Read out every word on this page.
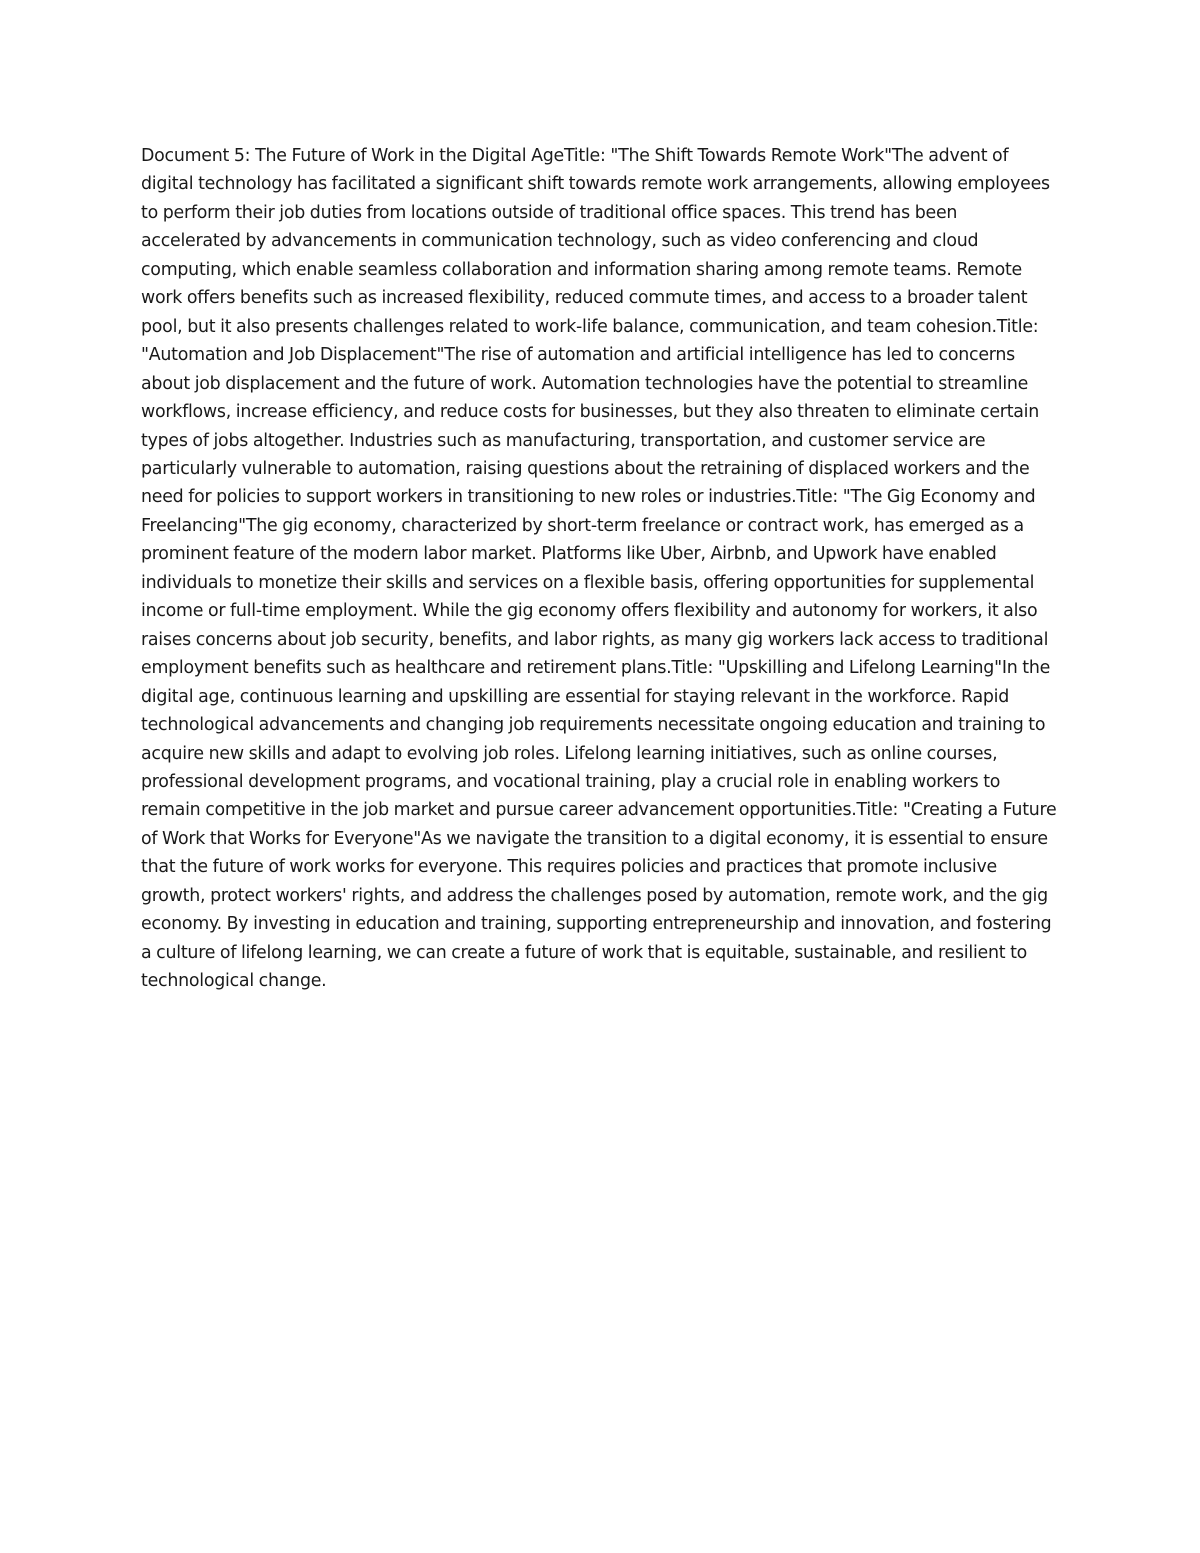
Document 5: The Future of Work in the Digital AgeTitle: "The Shift Towards Remote Work"The advent of digital technology has facilitated a significant shift towards remote work arrangements, allowing employees to perform their job duties from locations outside of traditional office spaces. This trend has been accelerated by advancements in communication technology, such as video conferencing and cloud computing, which enable seamless collaboration and information sharing among remote teams. Remote work offers benefits such as increased flexibility, reduced commute times, and access to a broader talent pool, but it also presents challenges related to work-life balance, communication, and team cohesion.Title: "Automation and Job Displacement"The rise of automation and artificial intelligence has led to concerns about job displacement and the future of work. Automation technologies have the potential to streamline workflows, increase efficiency, and reduce costs for businesses, but they also threaten to eliminate certain types of jobs altogether. Industries such as manufacturing, transportation, and customer service are particularly vulnerable to automation, raising questions about the retraining of displaced workers and the need for policies to support workers in transitioning to new roles or industries.Title: "The Gig Economy and Freelancing"The gig economy, characterized by short-term freelance or contract work, has emerged as a prominent feature of the modern labor market. Platforms like Uber, Airbnb, and Upwork have enabled individuals to monetize their skills and services on a flexible basis, offering opportunities for supplemental income or full-time employment. While the gig economy offers flexibility and autonomy for workers, it also raises concerns about job security, benefits, and labor rights, as many gig workers lack access to traditional employment benefits such as healthcare and retirement plans.Title: "Upskilling and Lifelong Learning"In the digital age, continuous learning and upskilling are essential for staying relevant in the workforce. Rapid technological advancements and changing job requirements necessitate ongoing education and training to acquire new skills and adapt to evolving job roles. Lifelong learning initiatives, such as online courses, professional development programs, and vocational training, play a crucial role in enabling workers to remain competitive in the job market and pursue career advancement opportunities.Title: "Creating a Future of Work that Works for Everyone"As we navigate the transition to a digital economy, it is essential to ensure that the future of work works for everyone. This requires policies and practices that promote inclusive growth, protect workers' rights, and address the challenges posed by automation, remote work, and the gig economy. By investing in education and training, supporting entrepreneurship and innovation, and fostering a culture of lifelong learning, we can create a future of work that is equitable, sustainable, and resilient to technological change.
